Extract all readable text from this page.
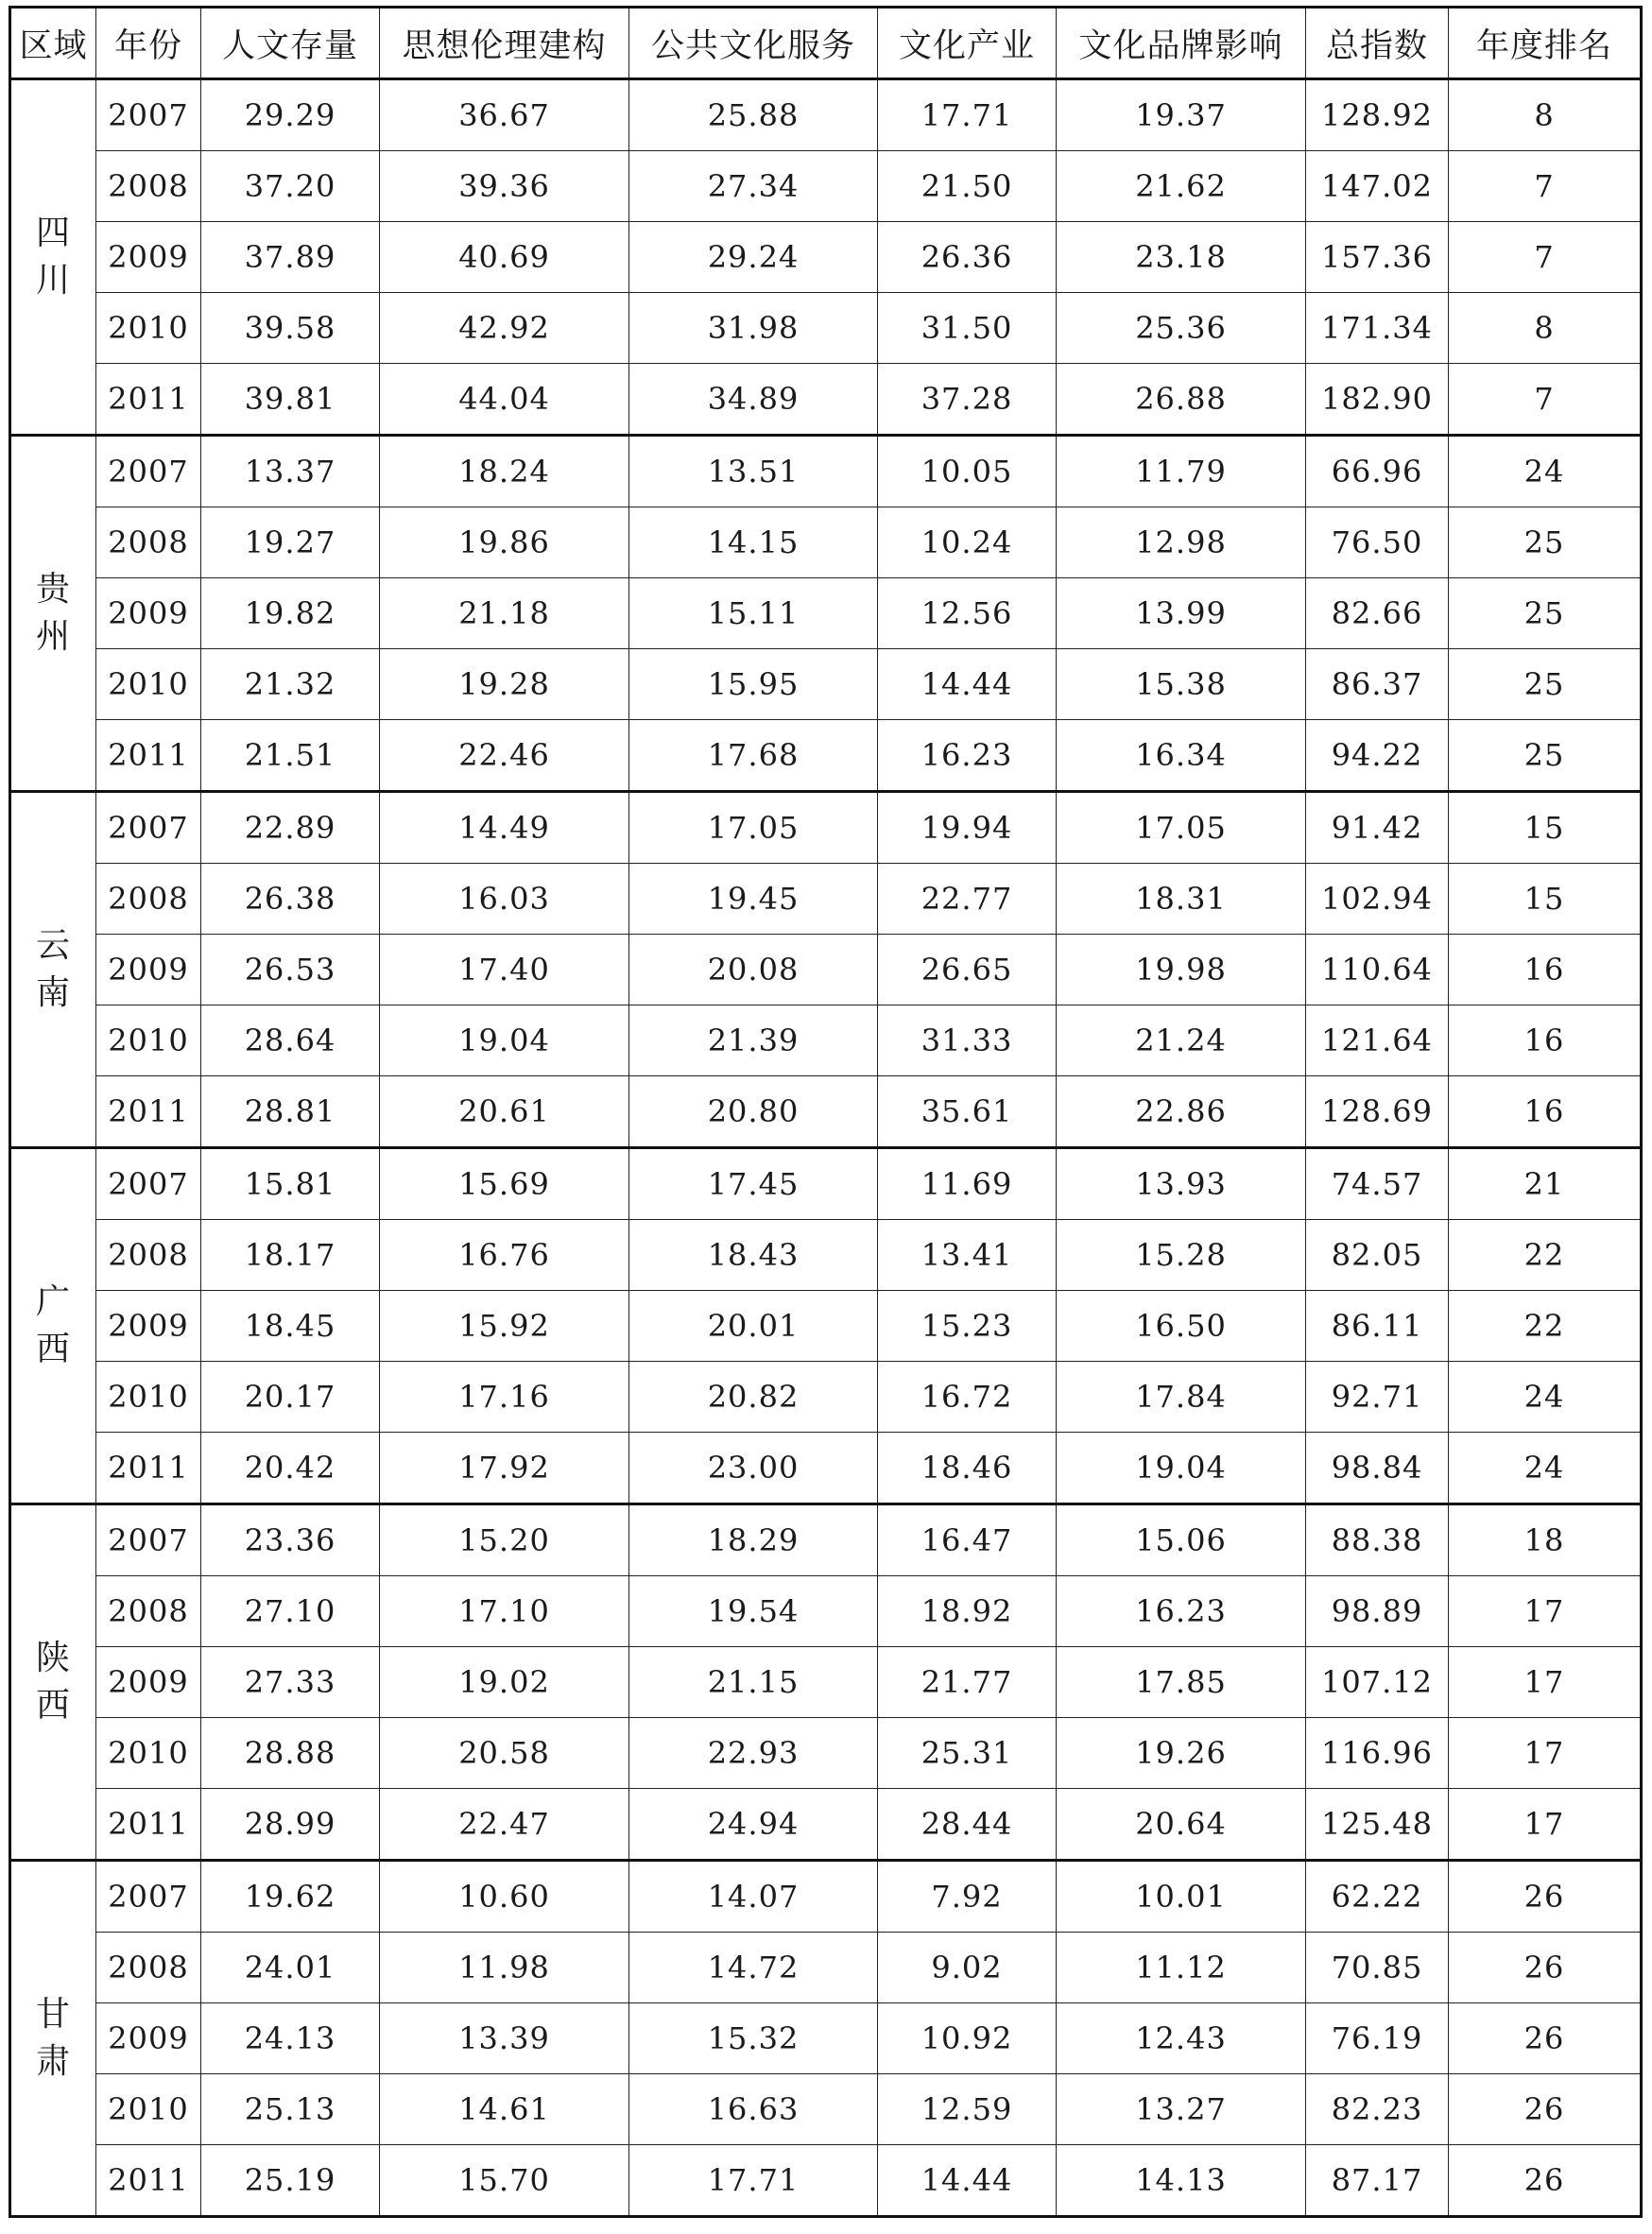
区域	年份	人文存量	思想伦理建构	公共文化服务	文化产业	文化品牌影响	总指数	年度排名
四川	2007	29.29	36.67	25.88	17.71	19.37	128.92	8
	2008	37.20	39.36	27.34	21.50	21.62	147.02	7
	2009	37.89	40.69	29.24	26.36	23.18	157.36	7
	2010	39.58	42.92	31.98	31.50	25.36	171.34	8
	2011	39.81	44.04	34.89	37.28	26.88	182.90	7
贵州	2007	13.37	18.24	13.51	10.05	11.79	66.96	24
	2008	19.27	19.86	14.15	10.24	12.98	76.50	25
	2009	19.82	21.18	15.11	12.56	13.99	82.66	25
	2010	21.32	19.28	15.95	14.44	15.38	86.37	25
	2011	21.51	22.46	17.68	16.23	16.34	94.22	25
云南	2007	22.89	14.49	17.05	19.94	17.05	91.42	15
	2008	26.38	16.03	19.45	22.77	18.31	102.94	15
	2009	26.53	17.40	20.08	26.65	19.98	110.64	16
	2010	28.64	19.04	21.39	31.33	21.24	121.64	16
	2011	28.81	20.61	20.80	35.61	22.86	128.69	16
广西	2007	15.81	15.69	17.45	11.69	13.93	74.57	21
	2008	18.17	16.76	18.43	13.41	15.28	82.05	22
	2009	18.45	15.92	20.01	15.23	16.50	86.11	22
	2010	20.17	17.16	20.82	16.72	17.84	92.71	24
	2011	20.42	17.92	23.00	18.46	19.04	98.84	24
陕西	2007	23.36	15.20	18.29	16.47	15.06	88.38	18
	2008	27.10	17.10	19.54	18.92	16.23	98.89	17
	2009	27.33	19.02	21.15	21.77	17.85	107.12	17
	2010	28.88	20.58	22.93	25.31	19.26	116.96	17
	2011	28.99	22.47	24.94	28.44	20.64	125.48	17
甘肃	2007	19.62	10.60	14.07	7.92	10.01	62.22	26
	2008	24.01	11.98	14.72	9.02	11.12	70.85	26
	2009	24.13	13.39	15.32	10.92	12.43	76.19	26
	2010	25.13	14.61	16.63	12.59	13.27	82.23	26
	2011	25.19	15.70	17.71	14.44	14.13	87.17	26
